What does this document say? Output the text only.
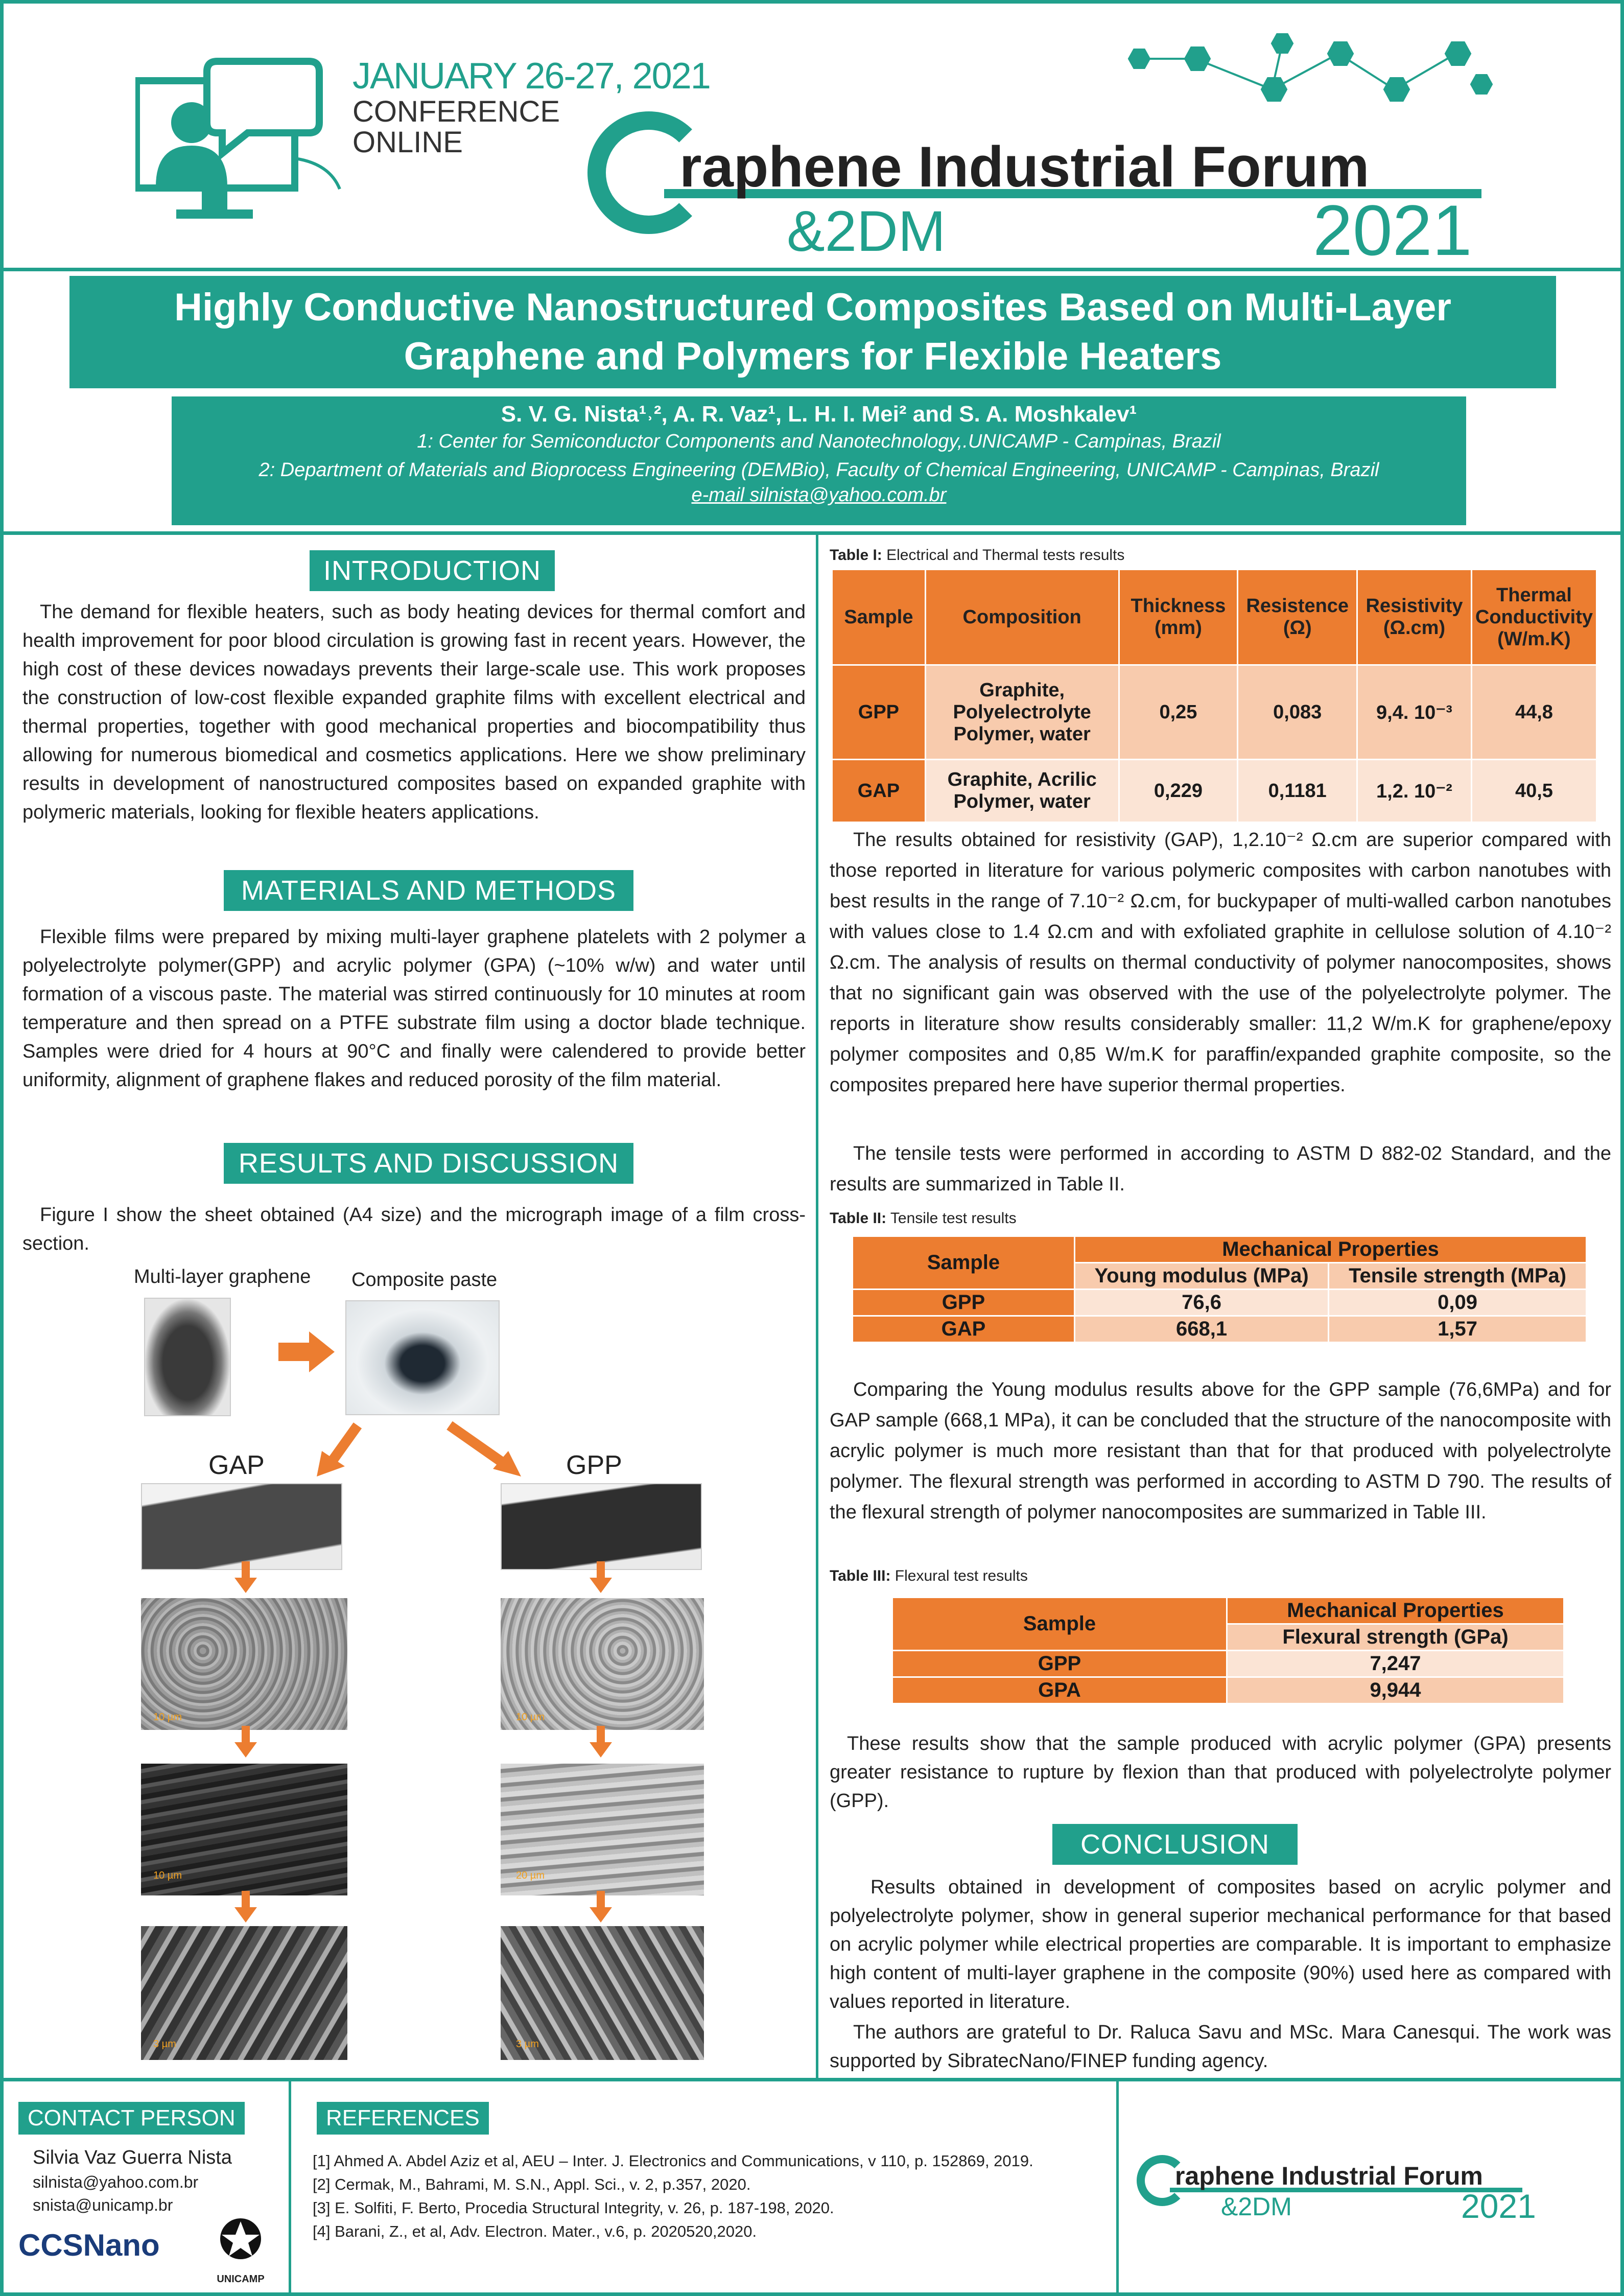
JANUARY 26-27, 2021
CONFERENCE
ONLINE	raphene Industrial Forum
&2DM	2021
Highly Conductive Nanostructured Composites Based on Multi-Layer
Graphene and Polymers for Flexible Heaters
S. V. G. Nista¹˒², A. R. Vaz¹, L. H. I. Mei² and S. A. Moshkalev¹
1: Center for Semiconductor Components and Nanotechnology,.UNICAMP - Campinas, Brazil
2: Department of Materials and Bioprocess Engineering (DEMBio), Faculty of Chemical Engineering, UNICAMP - Campinas, Brazil
e-mail silnista@yahoo.com.br
INTRODUCTION
The demand for flexible heaters, such as body heating devices for thermal comfort and health improvement for poor blood circulation is growing fast in recent years. However, the high cost of these devices nowadays prevents their large-scale use. This work proposes the construction of low-cost flexible expanded graphite films with excellent electrical and thermal properties, together with good mechanical properties and biocompatibility thus allowing for numerous biomedical and cosmetics applications. Here we show preliminary results in development of nanostructured composites based on expanded graphite with polymeric materials, looking for flexible heaters applications.
MATERIALS AND METHODS
Flexible films were prepared by mixing multi-layer graphene platelets with 2 polymer a polyelectrolyte polymer(GPP) and acrylic polymer (GPA) (~10% w/w) and water until formation of a viscous paste. The material was stirred continuously for 10 minutes at room temperature and then spread on a PTFE substrate film using a doctor blade technique. Samples were dried for 4 hours at 90°C and finally were calendered to provide better uniformity, alignment of graphene flakes and reduced porosity of the film material.
RESULTS AND DISCUSSION
Figure I show the sheet obtained (A4 size) and the micrograph image of a film cross-section.
Multi-layer graphene Composite paste
GAP	GPP
10 µm	10 µm
10 µm	20 µm
3 µm	3 µm
Table I: Electrical and Thermal tests results
Sample	Composition	Thickness (mm)	Resistence (Ω)	Resistivity (Ω.cm)	Thermal Conductivity (W/m.K)
GPP	Graphite, Polyelectrolyte Polymer, water	0,25	0,083	9,4. 10⁻³	44,8
GAP	Graphite, Acrilic Polymer, water	0,229	0,1181	1,2. 10⁻²	40,5
The results obtained for resistivity (GAP), 1,2.10⁻² Ω.cm are superior compared with those reported in literature for various polymeric composites with carbon nanotubes with best results in the range of 7.10⁻² Ω.cm, for buckypaper of multi-walled carbon nanotubes with values close to 1.4 Ω.cm and with exfoliated graphite in cellulose solution of 4.10⁻² Ω.cm. The analysis of results on thermal conductivity of polymer nanocomposites, shows that no significant gain was observed with the use of the polyelectrolyte polymer. The reports in literature show results considerably smaller: 11,2 W/m.K for graphene/epoxy polymer composites and 0,85 W/m.K for paraffin/expanded graphite composite, so the composites prepared here have superior thermal properties.
The tensile tests were performed in according to ASTM D 882-02 Standard, and the results are summarized in Table II.
Table II: Tensile test results
Sample	Mechanical Properties	
	Young modulus (MPa)	Tensile strength (MPa)
GPP	76,6	0,09
GAP	668,1	1,57
Comparing the Young modulus results above for the GPP sample (76,6MPa) and for GAP sample (668,1 MPa), it can be concluded that the structure of the nanocomposite with acrylic polymer is much more resistant than that for that produced with polyelectrolyte polymer. The flexural strength was performed in according to ASTM D 790. The results of the flexural strength of polymer nanocomposites are summarized in Table III.
Table III: Flexural test results
Sample	Mechanical Properties
	Flexural strength (GPa)
GPP	7,247
GPA	9,944
These results show that the sample produced with acrylic polymer (GPA) presents greater resistance to rupture by flexion than that produced with polyelectrolyte polymer (GPP).
CONCLUSION
Results obtained in development of composites based on acrylic polymer and polyelectrolyte polymer, show in general superior mechanical performance for that based on acrylic polymer while electrical properties are comparable. It is important to emphasize high content of multi-layer graphene in the composite (90%) used here as compared with values reported in literature.
The authors are grateful to Dr. Raluca Savu and MSc. Mara Canesqui. The work was supported by SibratecNano/FINEP funding agency.
CONTACT PERSON
Silvia Vaz Guerra Nista
silnista@yahoo.com.br
snista@unicamp.br
CCSNano
UNICAMP
REFERENCES
[1] Ahmed A. Abdel Aziz et al, AEU – Inter. J. Electronics and Communications, v 110, p. 152869, 2019.
[2] Cermak, M., Bahrami, M. S.N., Appl. Sci., v. 2, p.357, 2020.
[3] E. Solfiti, F. Berto, Procedia Structural Integrity, v. 26, p. 187-198, 2020.
[4] Barani, Z., et al, Adv. Electron. Mater., v.6, p. 2020520,2020.
raphene Industrial Forum
&2DM	2021
